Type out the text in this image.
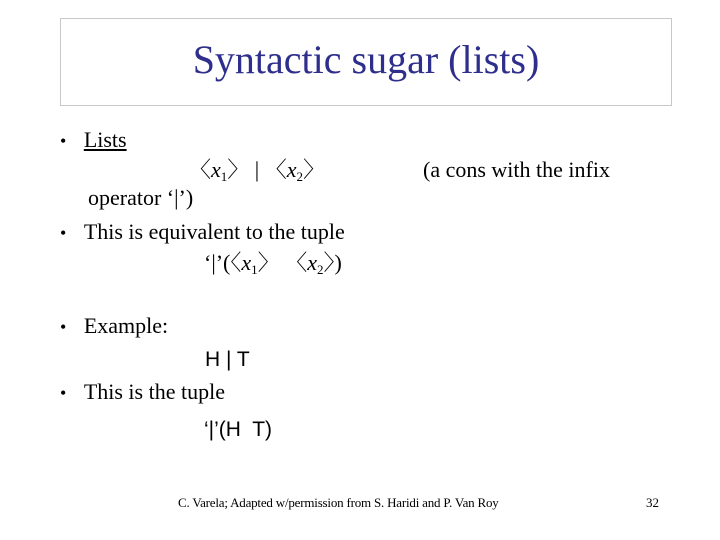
Syntactic sugar (lists)
• Lists
〈$x_1$〉 | 〈$x_2$〉	(a cons with the infix
operator ‘|’)
• This is equivalent to the tuple
‘|’(〈$x_1$〉 〈$x_2$〉)
• Example:
H | T
• This is the tuple
‘|’(H  T)
C. Varela; Adapted w/permission from S. Haridi and P. Van Roy	32
